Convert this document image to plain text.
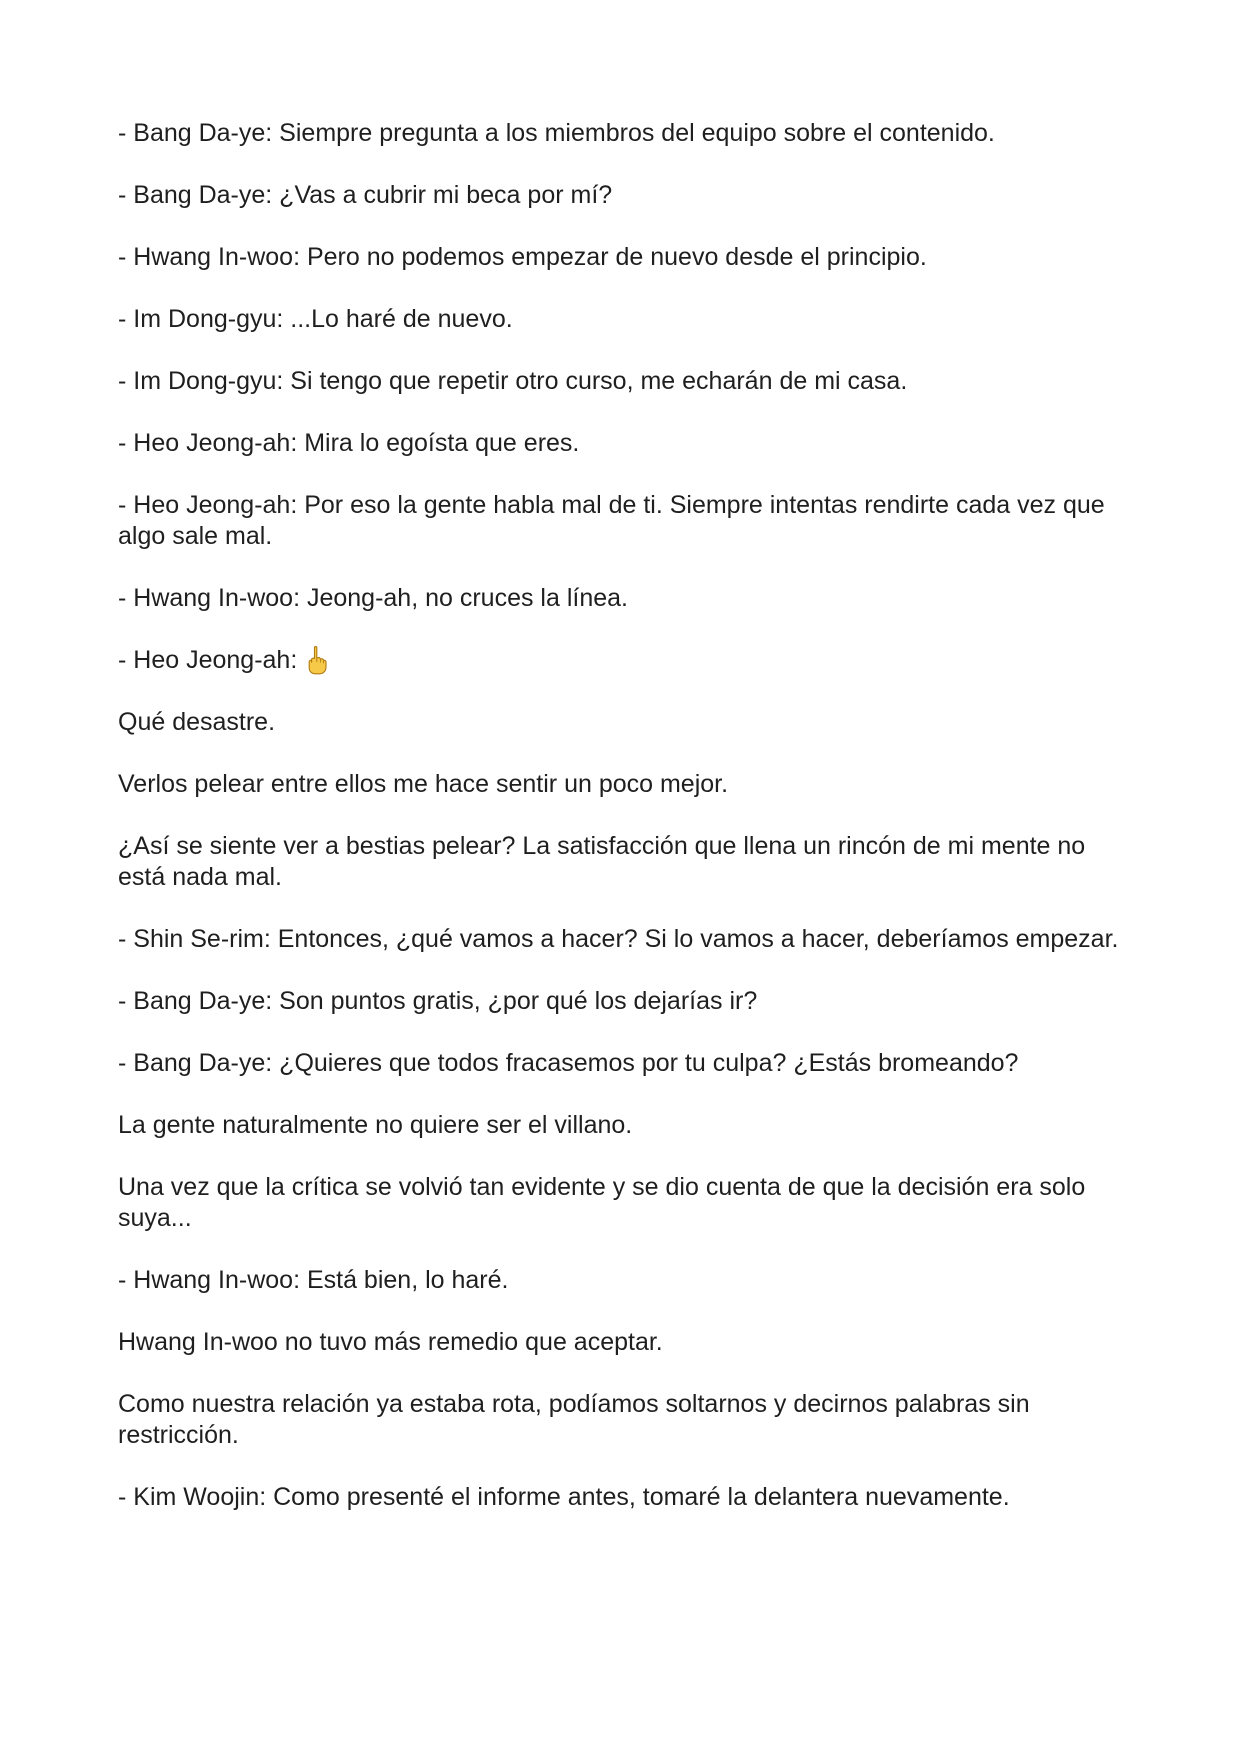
- Bang Da-ye: Siempre pregunta a los miembros del equipo sobre el contenido.

- Bang Da-ye: ¿Vas a cubrir mi beca por mí?

- Hwang In-woo: Pero no podemos empezar de nuevo desde el principio.

- Im Dong-gyu: ...Lo haré de nuevo.

- Im Dong-gyu: Si tengo que repetir otro curso, me echarán de mi casa.

- Heo Jeong-ah: Mira lo egoísta que eres.

- Heo Jeong-ah: Por eso la gente habla mal de ti. Siempre intentas rendirte cada vez que algo sale mal.

- Hwang In-woo: Jeong-ah, no cruces la línea.

- Heo Jeong-ah:

Qué desastre.

Verlos pelear entre ellos me hace sentir un poco mejor.

¿Así se siente ver a bestias pelear? La satisfacción que llena un rincón de mi mente no está nada mal.

- Shin Se-rim: Entonces, ¿qué vamos a hacer? Si lo vamos a hacer, deberíamos empezar.

- Bang Da-ye: Son puntos gratis, ¿por qué los dejarías ir?

- Bang Da-ye: ¿Quieres que todos fracasemos por tu culpa? ¿Estás bromeando?

La gente naturalmente no quiere ser el villano.

Una vez que la crítica se volvió tan evidente y se dio cuenta de que la decisión era solo suya...

- Hwang In-woo: Está bien, lo haré.

Hwang In-woo no tuvo más remedio que aceptar.

Como nuestra relación ya estaba rota, podíamos soltarnos y decirnos palabras sin restricción.

- Kim Woojin: Como presenté el informe antes, tomaré la delantera nuevamente.
